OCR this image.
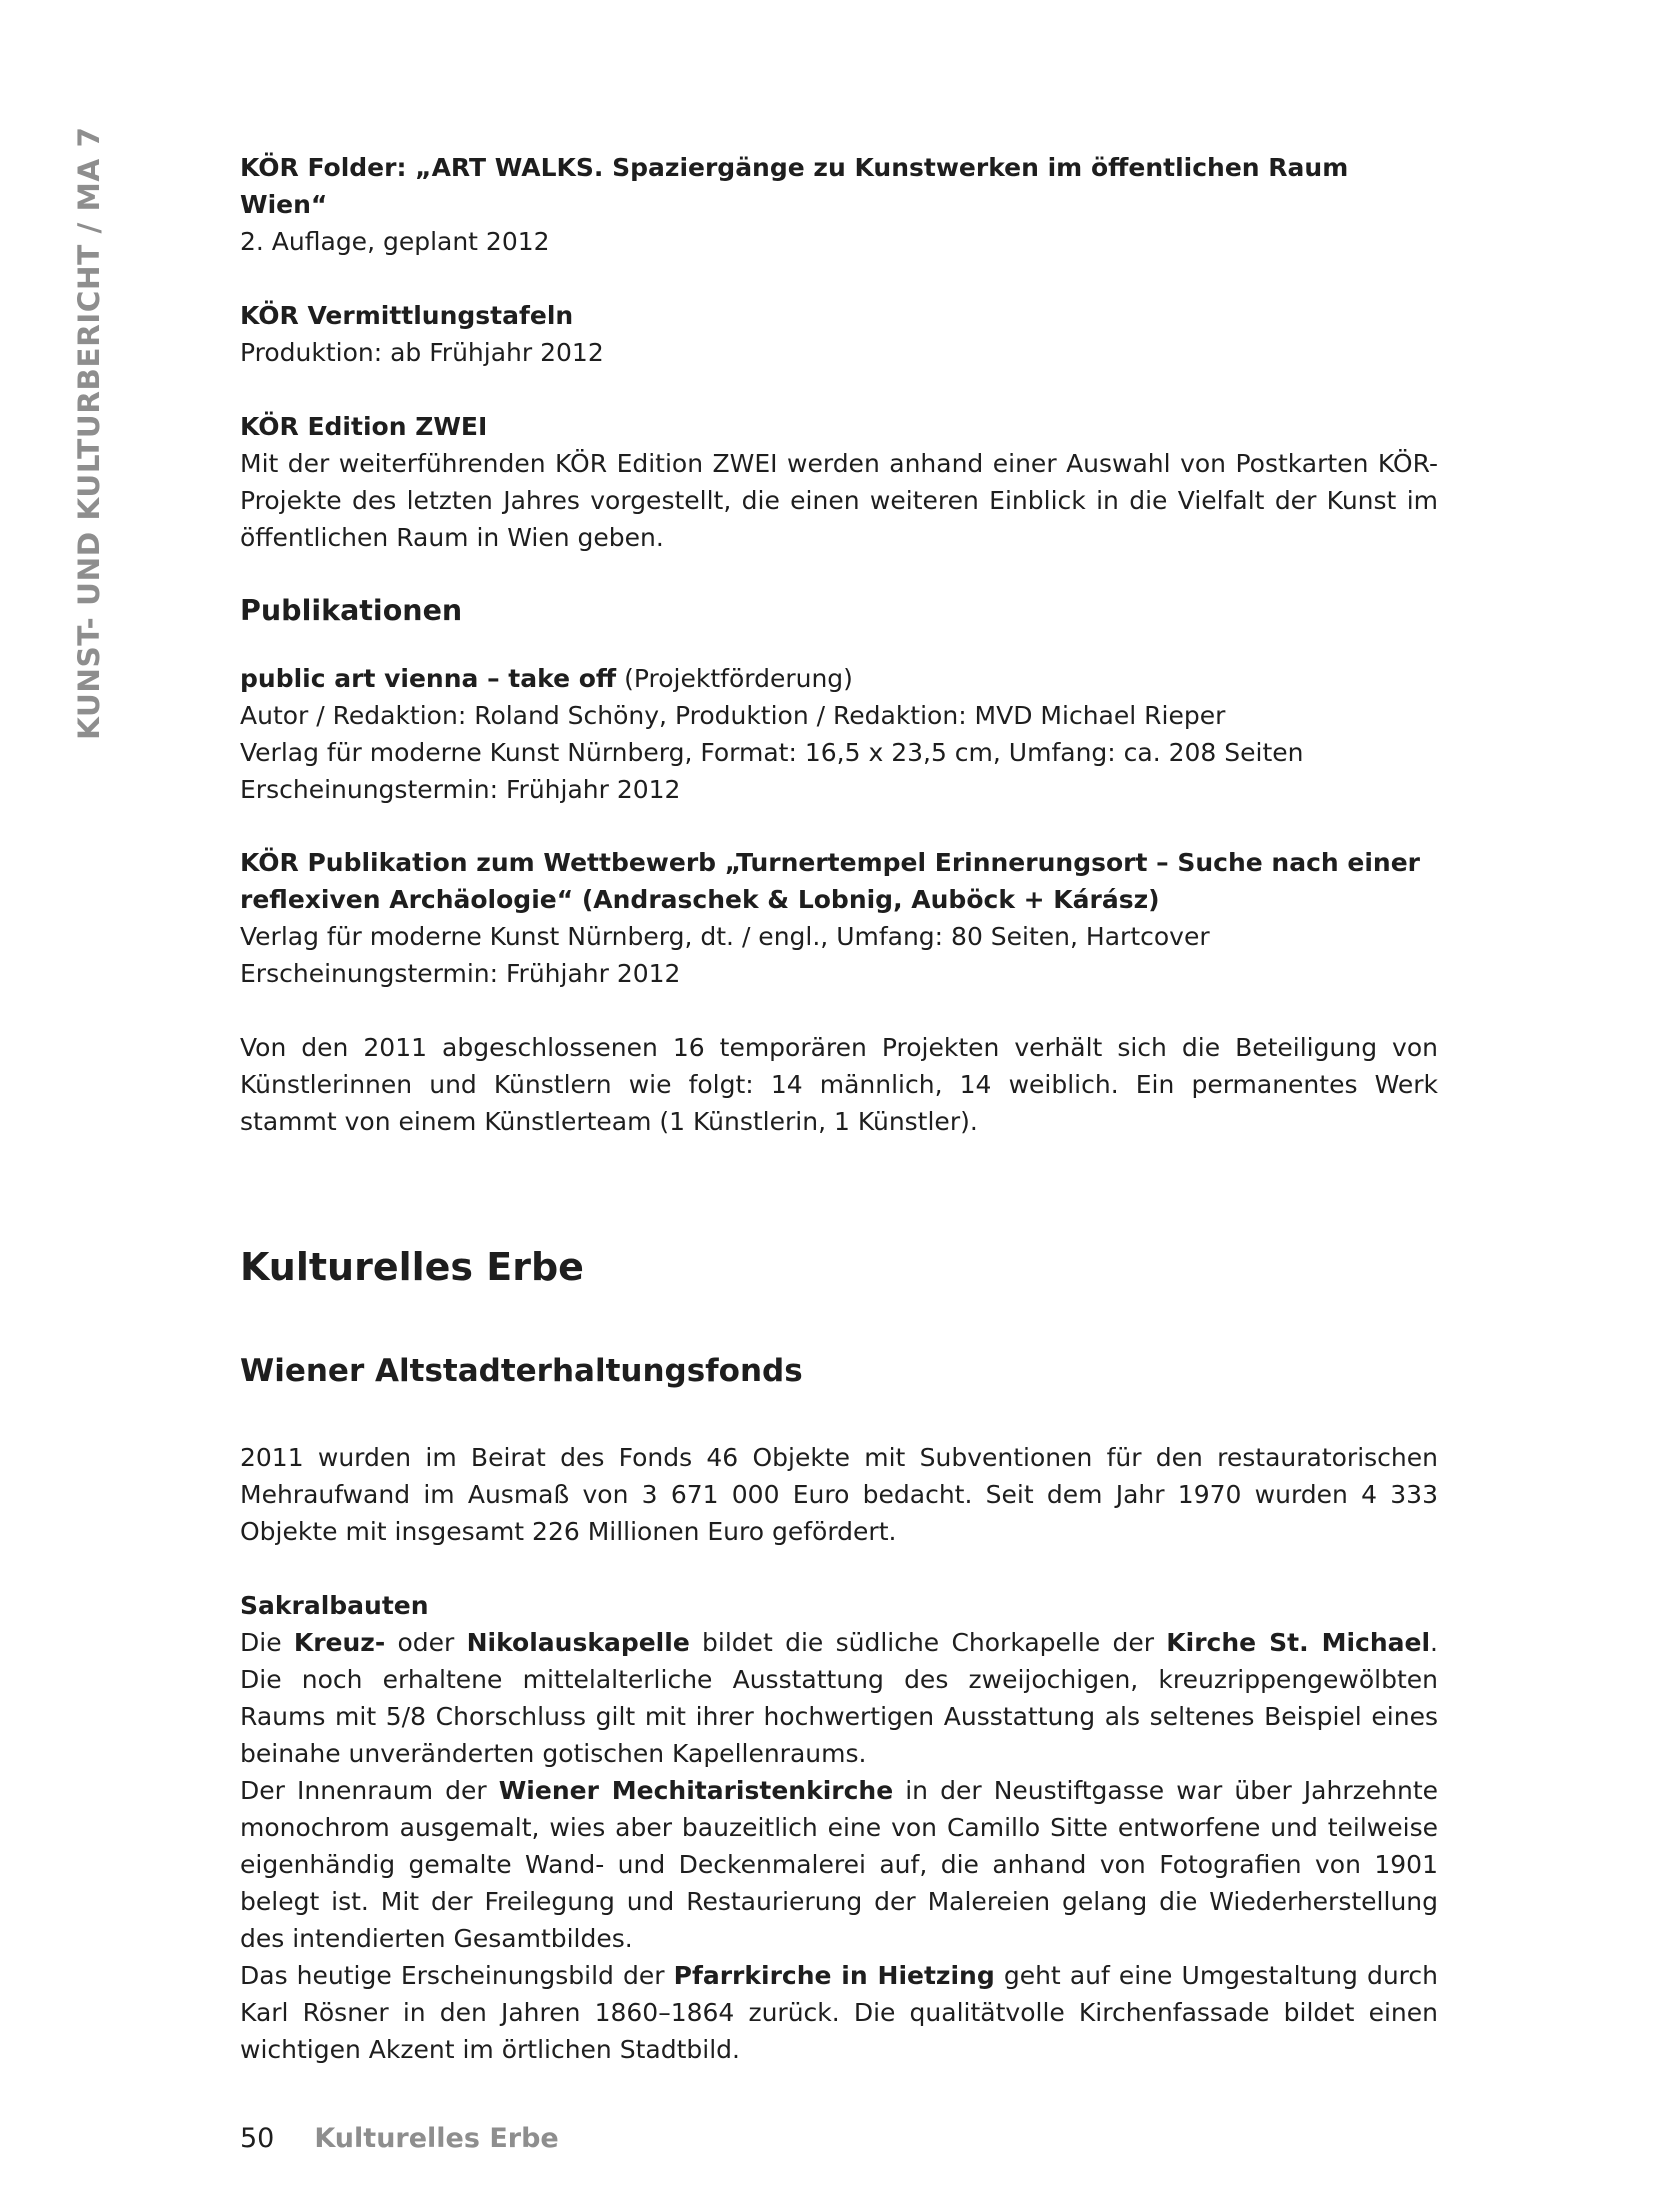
KUNST- UND KULTURBERICHT / MA 7	KÖR Folder: „ART WALKS. Spaziergänge zu Kunstwerken im öffentlichen Raum Wien“

2. Auflage, geplant 2012

KÖR Vermittlungstafeln

Produktion: ab Frühjahr 2012

KÖR Edition ZWEI

Mit der weiterführenden KÖR Edition ZWEI werden anhand einer Auswahl von Postkarten KÖR-Projekte des letzten Jahres vorgestellt, die einen weiteren Einblick in die Vielfalt der Kunst im öffentlichen Raum in Wien geben.

Publikationen

public art vienna – take off (Projektförderung)

Autor / Redaktion: Roland Schöny, Produktion / Redaktion: MVD Michael Rieper

Verlag für moderne Kunst Nürnberg, Format: 16,5 x 23,5 cm, Umfang: ca. 208 Seiten

Erscheinungstermin: Frühjahr 2012

KÖR Publikation zum Wettbewerb „Turnertempel Erinnerungsort – Suche nach einer

reflexiven Archäologie“ (Andraschek & Lobnig, Auböck + Kárász)

Verlag für moderne Kunst Nürnberg, dt. / engl., Umfang: 80 Seiten, Hartcover

Erscheinungstermin: Frühjahr 2012

Von den 2011 abgeschlossenen 16 temporären Projekten verhält sich die Beteiligung von Künstlerinnen und Künstlern wie folgt: 14 männlich, 14 weiblich. Ein permanentes Werk stammt von einem Künstlerteam (1 Künstlerin, 1 Künstler).

Kulturelles Erbe

Wiener Altstadterhaltungsfonds

2011 wurden im Beirat des Fonds 46 Objekte mit Subventionen für den restauratorischen Mehraufwand im Ausmaß von 3 671 000 Euro bedacht. Seit dem Jahr 1970 wurden 4 333 Objekte mit insgesamt 226 Millionen Euro gefördert.

Sakralbauten

Die Kreuz- oder Nikolauskapelle bildet die südliche Chorkapelle der Kirche St. Michael. Die noch erhaltene mittelalterliche Ausstattung des zweijochigen, kreuzrippengewölbten Raums mit 5/8 Chorschluss gilt mit ihrer hochwertigen Ausstattung als seltenes Beispiel eines beinahe unveränderten gotischen Kapellenraums.

Der Innenraum der Wiener Mechitaristenkirche in der Neustiftgasse war über Jahrzehnte monochrom ausgemalt, wies aber bauzeitlich eine von Camillo Sitte entworfene und teilweise eigenhändig gemalte Wand- und Deckenmalerei auf, die anhand von Fotografien von 1901 belegt ist. Mit der Freilegung und Restaurierung der Malereien gelang die Wiederherstellung des intendierten Gesamtbildes.

Das heutige Erscheinungsbild der Pfarrkirche in Hietzing geht auf eine Umgestaltung durch Karl Rösner in den Jahren 1860–1864 zurück. Die qualitätvolle Kirchenfassade bildet einen wichtigen Akzent im örtlichen Stadtbild.

50 Kulturelles Erbe
